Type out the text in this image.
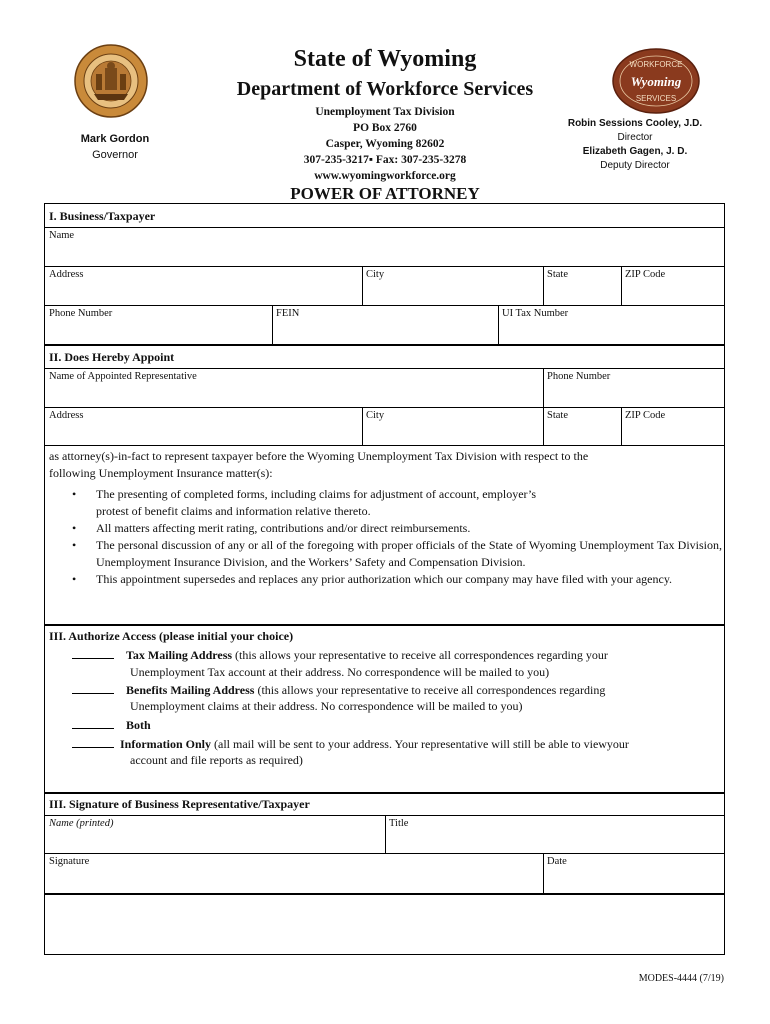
State of Wyoming
Department of Workforce Services
Unemployment Tax Division
PO Box 2760
Casper, Wyoming 82602
307-235-3217▪ Fax: 307-235-3278
www.wyomingworkforce.org
Mark Gordon
Governor
WORKFORCE
Wyoming
SERVICES
Robin Sessions Cooley, J.D.
Director
Elizabeth Gagen, J. D.
Deputy Director
POWER OF ATTORNEY
I. Business/Taxpayer
Name
Address	City	State	ZIP Code
Phone Number	FEIN	UI Tax Number
II. Does Hereby Appoint
Name of Appointed Representative	Phone Number
Address	City	State	ZIP Code
as attorney(s)-in-fact to represent taxpayer before the Wyoming Unemployment Tax Division with respect to the
following Unemployment Insurance matter(s):
• The presenting of completed forms, including claims for adjustment of account, employer’s protest of benefit claims and information relative thereto.
• All matters affecting merit rating, contributions and/or direct reimbursements.
• The personal discussion of any or all of the foregoing with proper officials of the State of Wyoming Unemployment Tax Division, Unemployment Insurance Division, and the Workers’ Safety and Compensation Division.
• This appointment supersedes and replaces any prior authorization which our company may have filed with your agency.
III. Authorize Access (please initial your choice)
Tax Mailing Address (this allows your representative to receive all correspondences regarding your
Unemployment Tax account at their address. No correspondence will be mailed to you)
Benefits Mailing Address (this allows your representative to receive all correspondences regarding
Unemployment claims at their address. No correspondence will be mailed to you)
Both
Information Only (all mail will be sent to your address. Your representative will still be able to viewyour
account and file reports as required)
III. Signature of Business Representative/Taxpayer
Name (printed)	Title
Signature	Date
MODES-4444 (7/19)
